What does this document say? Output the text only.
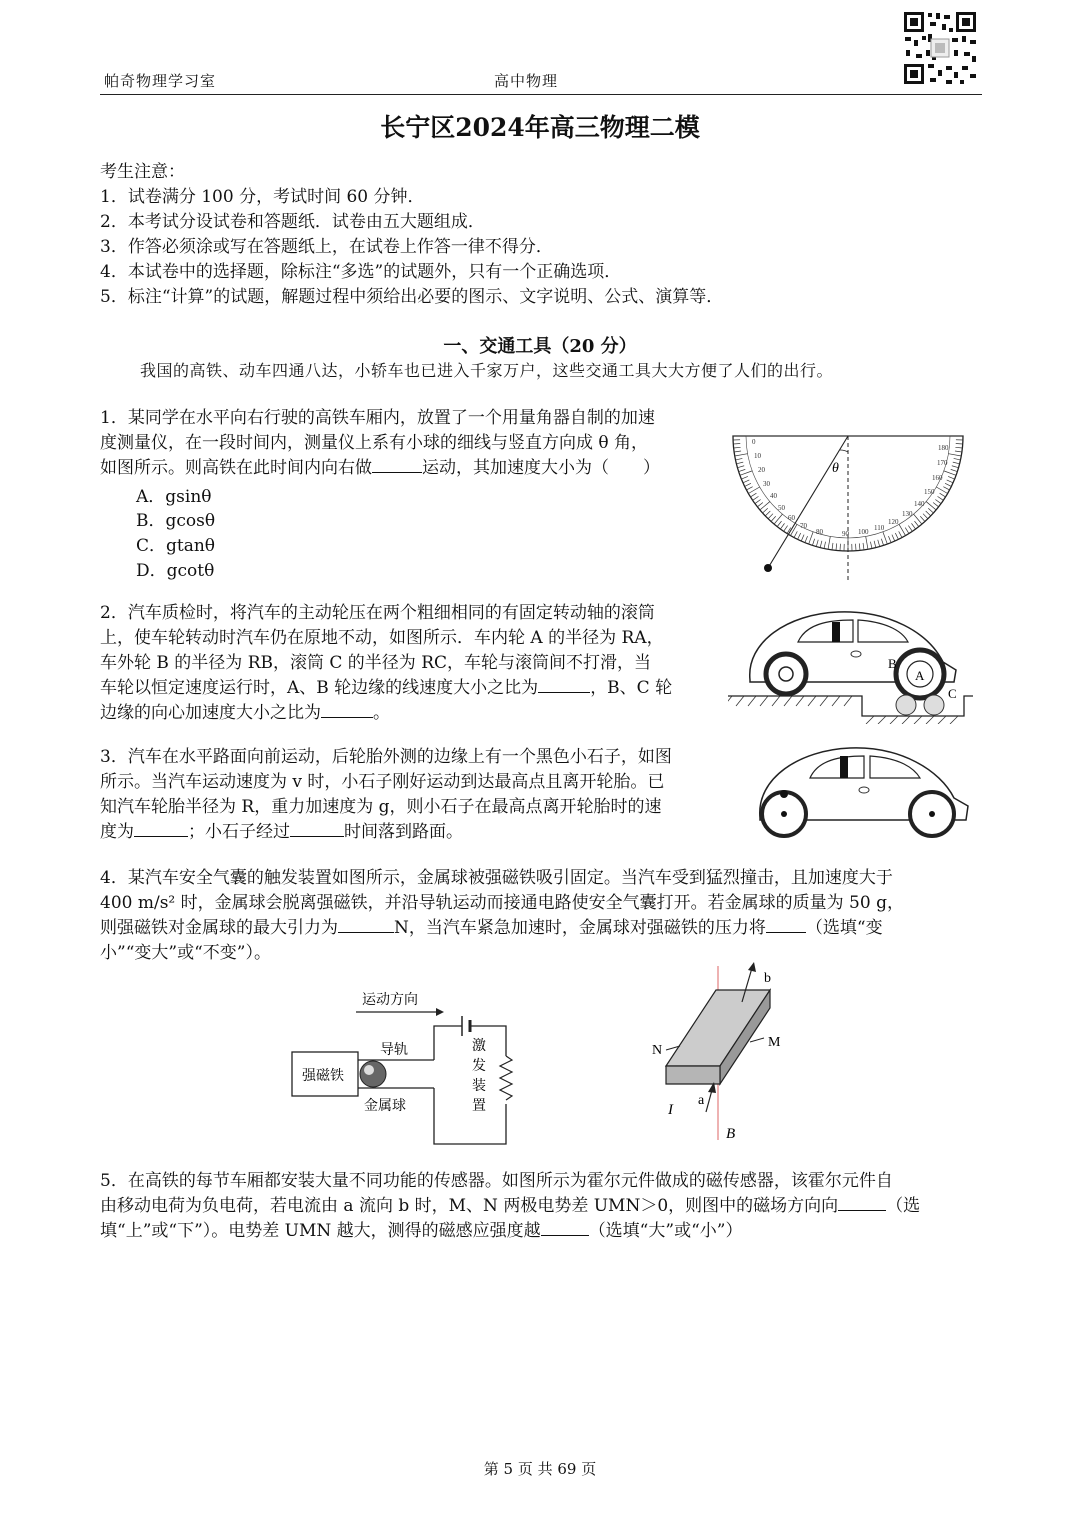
帕奇物理学习室	高中物理
长宁区2024年高三物理二模
考生注意：
1．试卷满分 100 分，考试时间 60 分钟．
2．本考试分设试卷和答题纸．试卷由五大题组成．
3．作答必须涂或写在答题纸上，在试卷上作答一律不得分．
4．本试卷中的选择题，除标注“多选”的试题外，只有一个正确选项．
5．标注“计算”的试题，解题过程中须给出必要的图示、文字说明、公式、演算等．
一、交通工具（20 分）
我国的高铁、动车四通八达，小轿车也已进入千家万户，这些交通工具大大方便了人们的出行。
1．某同学在水平向右行驶的高铁车厢内，放置了一个用量角器自制的加速
度测量仪，在一段时间内，测量仪上系有小球的细线与竖直方向成 θ 角，
如图所示。则高铁在此时间内向右做	运动，其加速度大小为（　　）
A．gsinθ
B．gcosθ
C．gtanθ
D．gcotθ
θ
0
10
20
30
40
50
60
70
80	90 100 110
120
130
140
150
160
170
180
2．汽车质检时，将汽车的主动轮压在两个粗细相同的有固定转动轴的滚筒
上，使车轮转动时汽车仍在原地不动，如图所示．车内轮 A 的半径为 RA，
车外轮 B 的半径为 RB，滚筒 C 的半径为 RC，车轮与滚筒间不打滑，当
车轮以恒定速度运行时，A、B 轮边缘的线速度大小之比为	，B、C 轮
边缘的向心加速度大小之比为	。
B
A
C
3．汽车在水平路面向前运动，后轮胎外测的边缘上有一个黑色小石子，如图
所示。当汽车运动速度为 v 时，小石子刚好运动到达最高点且离开轮胎。已
知汽车轮胎半径为 R，重力加速度为 g，则小石子在最高点离开轮胎时的速
度为	；小石子经过	时间落到路面。
4．某汽车安全气囊的触发装置如图所示，金属球被强磁铁吸引固定。当汽车受到猛烈撞击，且加速度大于
400 m/s² 时，金属球会脱离强磁铁，并沿导轨运动而接通电路使安全气囊打开。若金属球的质量为 50 g，
则强磁铁对金属球的最大引力为	N，当汽车紧急加速时，金属球对强磁铁的压力将 （选填“变
小”“变大”或“不变”）。
运动方向
强磁铁
导轨
金属球
激
发
装
置
b
a
I
N
M
B
5．在高铁的每节车厢都安装大量不同功能的传感器。如图所示为霍尔元件做成的磁传感器，该霍尔元件自
由移动电荷为负电荷，若电流由 a 流向 b 时，M、N 两极电势差 UMN＞0，则图中的磁场方向向	（选
填“上”或“下”）。电势差 UMN 越大，测得的磁感应强度越	（选填“大”或“小”）
第 5 页 共 69 页
